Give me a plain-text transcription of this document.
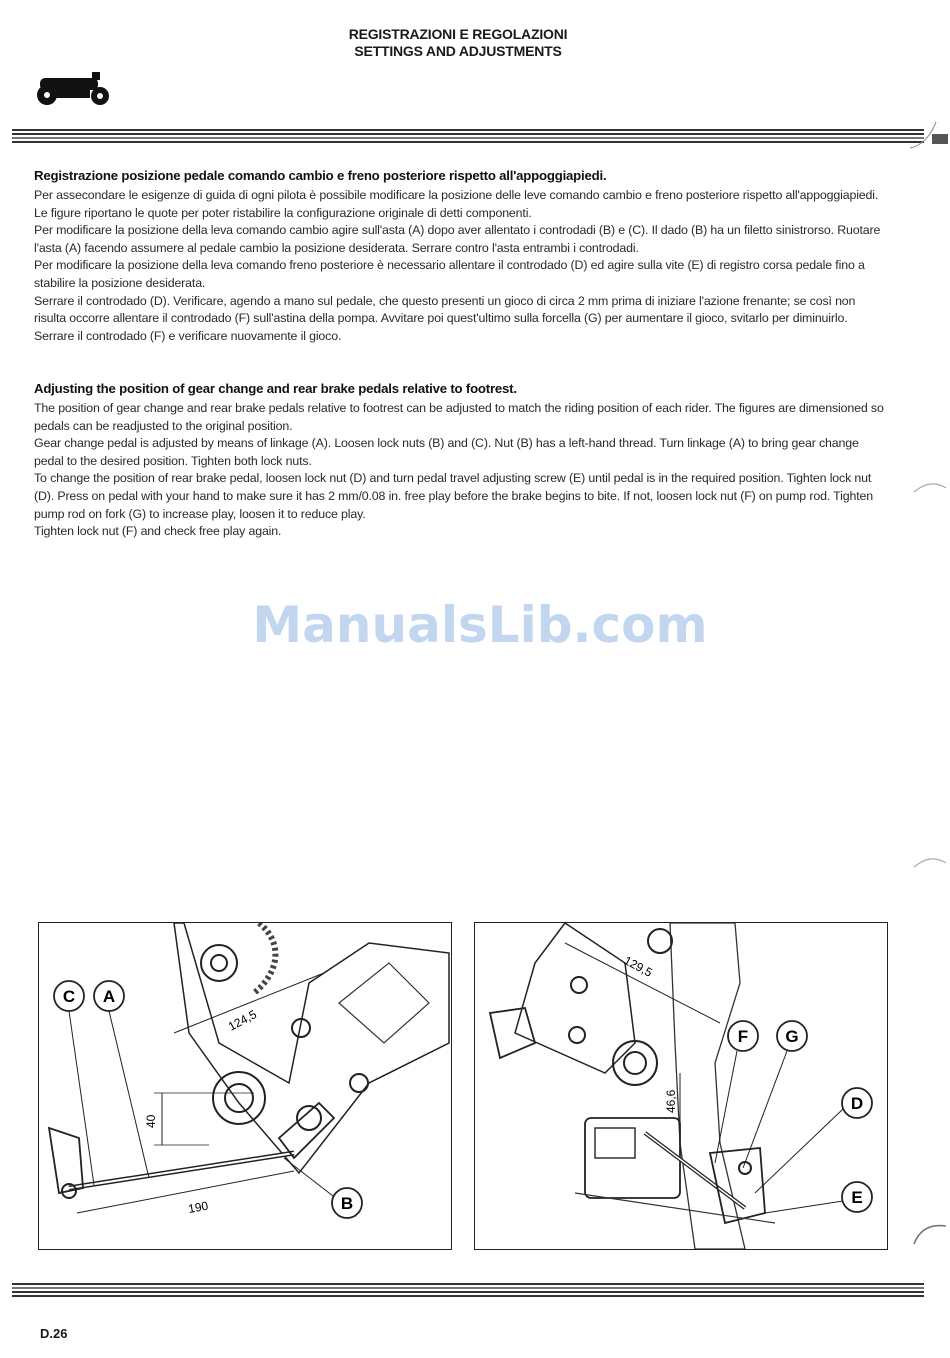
REGISTRAZIONI E REGOLAZIONI
SETTINGS AND ADJUSTMENTS
Registrazione posizione pedale comando cambio e freno posteriore rispetto all'appoggiapiedi.

Per assecondare le esigenze di guida di ogni pilota è possibile modificare la posizione delle leve comando cambio e freno posteriore rispetto all'appoggiapiedi. Le figure riportano le quote per poter ristabilire la configurazione originale di detti componenti.

Per modificare la posizione della leva comando cambio agire sull'asta (A) dopo aver allentato i controdadi (B) e (C). Il dado (B) ha un filetto sinistrorso. Ruotare l'asta (A) facendo assumere al pedale cambio la posizione desiderata. Serrare contro l'asta entrambi i controdadi.

Per modificare la posizione della leva comando freno posteriore è necessario allentare il controdado (D) ed agire sulla vite (E) di registro corsa pedale fino a stabilire la posizione desiderata.

Serrare il controdado (D). Verificare, agendo a mano sul pedale, che questo presenti un gioco di circa 2 mm prima di iniziare l'azione frenante; se così non risulta occorre allentare il controdado (F) sull'astina della pompa. Avvitare poi quest'ultimo sulla forcella (G) per aumentare il gioco, svitarlo per diminuirlo.

Serrare il controdado (F) e verificare nuovamente il gioco.

Adjusting the position of gear change and rear brake pedals relative to footrest.

The position of gear change and rear brake pedals relative to footrest can be adjusted to match the riding position of each rider. The figures are dimensioned so pedals can be readjusted to the original position.

Gear change pedal is adjusted by means of linkage (A). Loosen lock nuts (B) and (C). Nut (B) has a left-hand thread. Turn linkage (A) to bring gear change pedal to the desired position. Tighten both lock nuts.

To change the position of rear brake pedal, loosen lock nut (D) and turn pedal travel adjusting screw (E) until pedal is in the required position. Tighten lock nut (D). Press on pedal with your hand to make sure it has 2 mm/0.08 in. free play before the brake begins to bite. If not, loosen lock nut (F) on pump rod. Tighten pump rod on fork (G) to increase play, loosen it to reduce play.

Tighten lock nut (F) and check free play again.

ManualsLib.com
124,5
40
190
C A
B
129,5
46,6
F G
D
E
D.26
